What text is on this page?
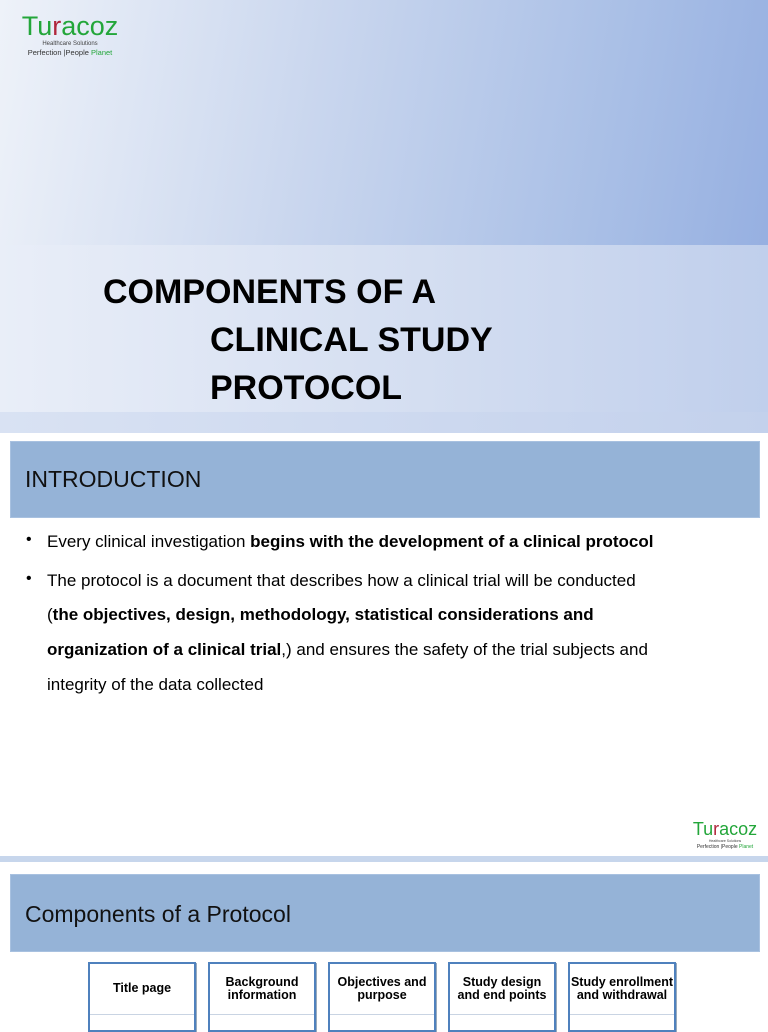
Turacoz
Healthcare Solutions
Perfection |People Planet
COMPONENTS OF A
CLINICAL STUDY
PROTOCOL
INTRODUCTION
• Every clinical investigation begins with the development of a clinical protocol
• The protocol is a document that describes how a clinical trial will be conducted
(the objectives, design, methodology, statistical considerations and
organization of a clinical trial,) and ensures the safety of the trial subjects and
integrity of the data collected
Turacoz
Healthcare Solutions
Perfection |People Planet
Components of a Protocol
Title page	Background information
Objectives and purpose
Study design and end points
Study enrollment and withdrawal
